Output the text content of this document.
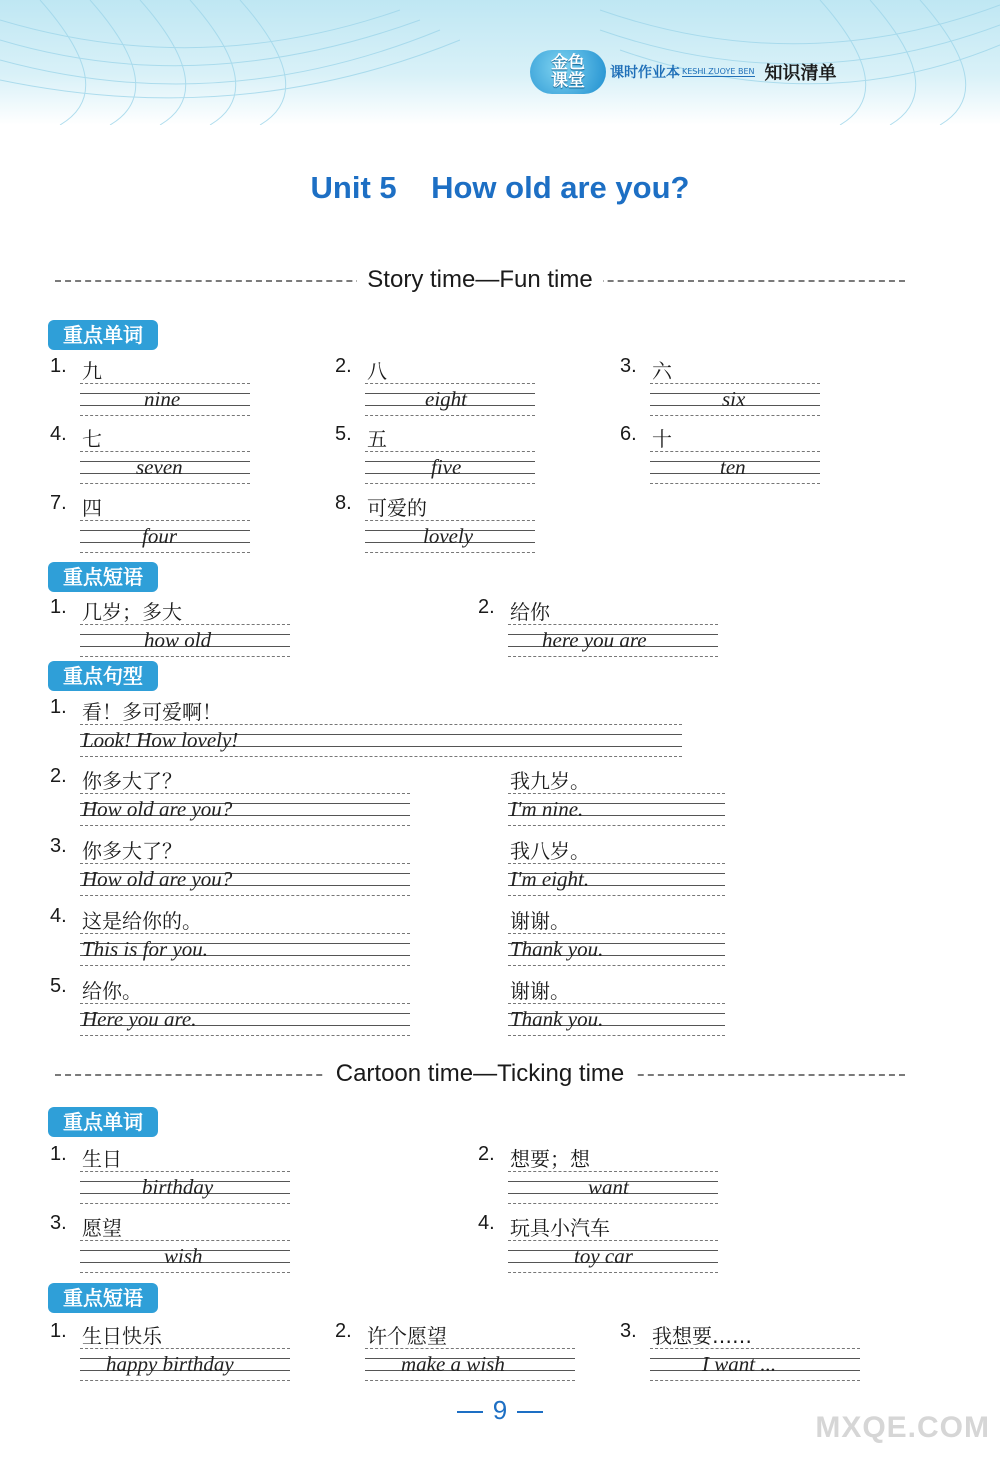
金色
课堂 课时作业本 KESHI ZUOYE BEN 知识清单
Unit 5    How old are you?
Story time—Fun time
重点单词
1. 九
nine
2. 八
eight
3. 六
six
4. 七
seven
5. 五
five
6. 十
ten
7. 四
four
8. 可爱的
lovely
重点短语
1. 几岁；多大
how old
2. 给你
here you are
重点句型
1. 看！多可爱啊！
Look! How lovely!
2. 你多大了？
How old are you?
我九岁。
I'm nine.
3. 你多大了？
How old are you?
我八岁。
I'm eight.
4. 这是给你的。
This is for you.
谢谢。
Thank you.
5. 给你。
Here you are.
谢谢。
Thank you.
Cartoon time—Ticking time
重点单词
1. 生日
birthday
2. 想要；想
want
3. 愿望
wish
4. 玩具小汽车
toy car
重点短语
1. 生日快乐
happy birthday
2. 许个愿望
make a wish
3. 我想要……
I want ...
9
MXQE.COM
